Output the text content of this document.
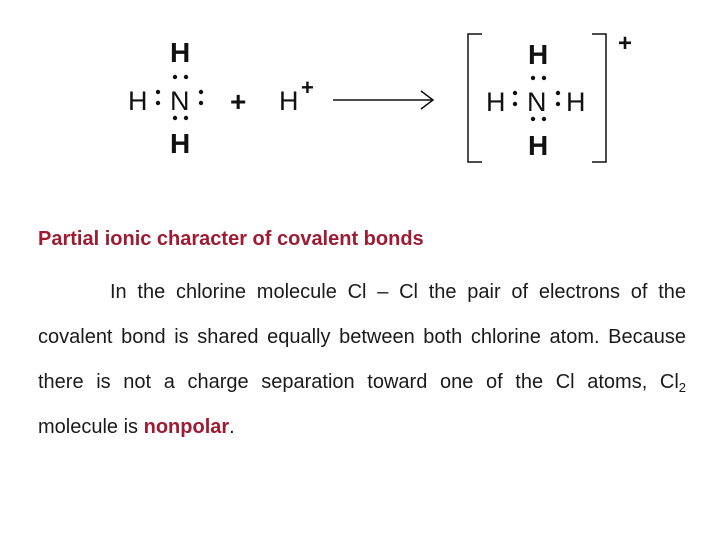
H
H N
H
+ H +
H
H N H
H
+
Partial ionic character of covalent bonds

In the chlorine molecule Cl – Cl the pair of electrons of the covalent bond is shared equally between both chlorine atom. Because there is not a charge separation toward one of the Cl atoms, $Cl_2$ molecule is nonpolar.
